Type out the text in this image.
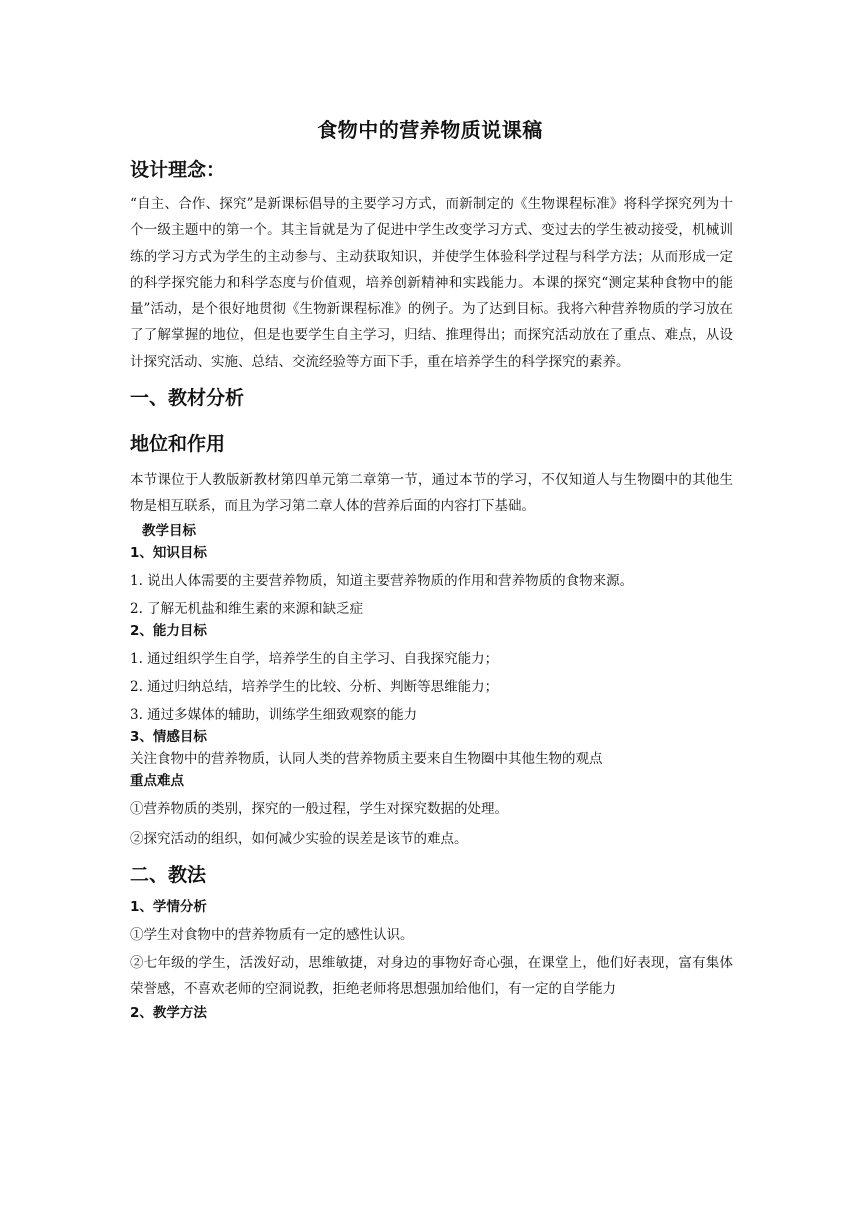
食物中的营养物质说课稿

设计理念：

“自主、合作、探究”是新课标倡导的主要学习方式，而新制定的《生物课程标准》将科学探究列为十个一级主题中的第一个。其主旨就是为了促进中学生改变学习方式、变过去的学生被动接受，机械训练的学习方式为学生的主动参与、主动获取知识，并使学生体验科学过程与科学方法；从而形成一定的科学探究能力和科学态度与价值观，培养创新精神和实践能力。本课的探究“测定某种食物中的能量”活动，是个很好地贯彻《生物新课程标准》的例子。为了达到目标。我将六种营养物质的学习放在了了解掌握的地位，但是也要学生自主学习，归结、推理得出；而探究活动放在了重点、难点，从设计探究活动、实施、总结、交流经验等方面下手，重在培养学生的科学探究的素养。

一、教材分析

地位和作用

本节课位于人教版新教材第四单元第二章第一节，通过本节的学习，不仅知道人与生物圈中的其他生物是相互联系，而且为学习第二章人体的营养后面的内容打下基础。

教学目标

1、知识目标

1. 说出人体需要的主要营养物质，知道主要营养物质的作用和营养物质的食物来源。

2. 了解无机盐和维生素的来源和缺乏症

2、能力目标

1. 通过组织学生自学，培养学生的自主学习、自我探究能力；

2. 通过归纳总结，培养学生的比较、分析、判断等思维能力；

3. 通过多媒体的辅助，训练学生细致观察的能力

3、情感目标

关注食物中的营养物质，认同人类的营养物质主要来自生物圈中其他生物的观点

重点难点

①营养物质的类别，探究的一般过程，学生对探究数据的处理。

②探究活动的组织，如何减少实验的误差是该节的难点。

二、教法

1、学情分析

①学生对食物中的营养物质有一定的感性认识。

②七年级的学生，活泼好动，思维敏捷，对身边的事物好奇心强，在课堂上，他们好表现，富有集体荣誉感，不喜欢老师的空洞说教，拒绝老师将思想强加给他们，有一定的自学能力

2、教学方法
